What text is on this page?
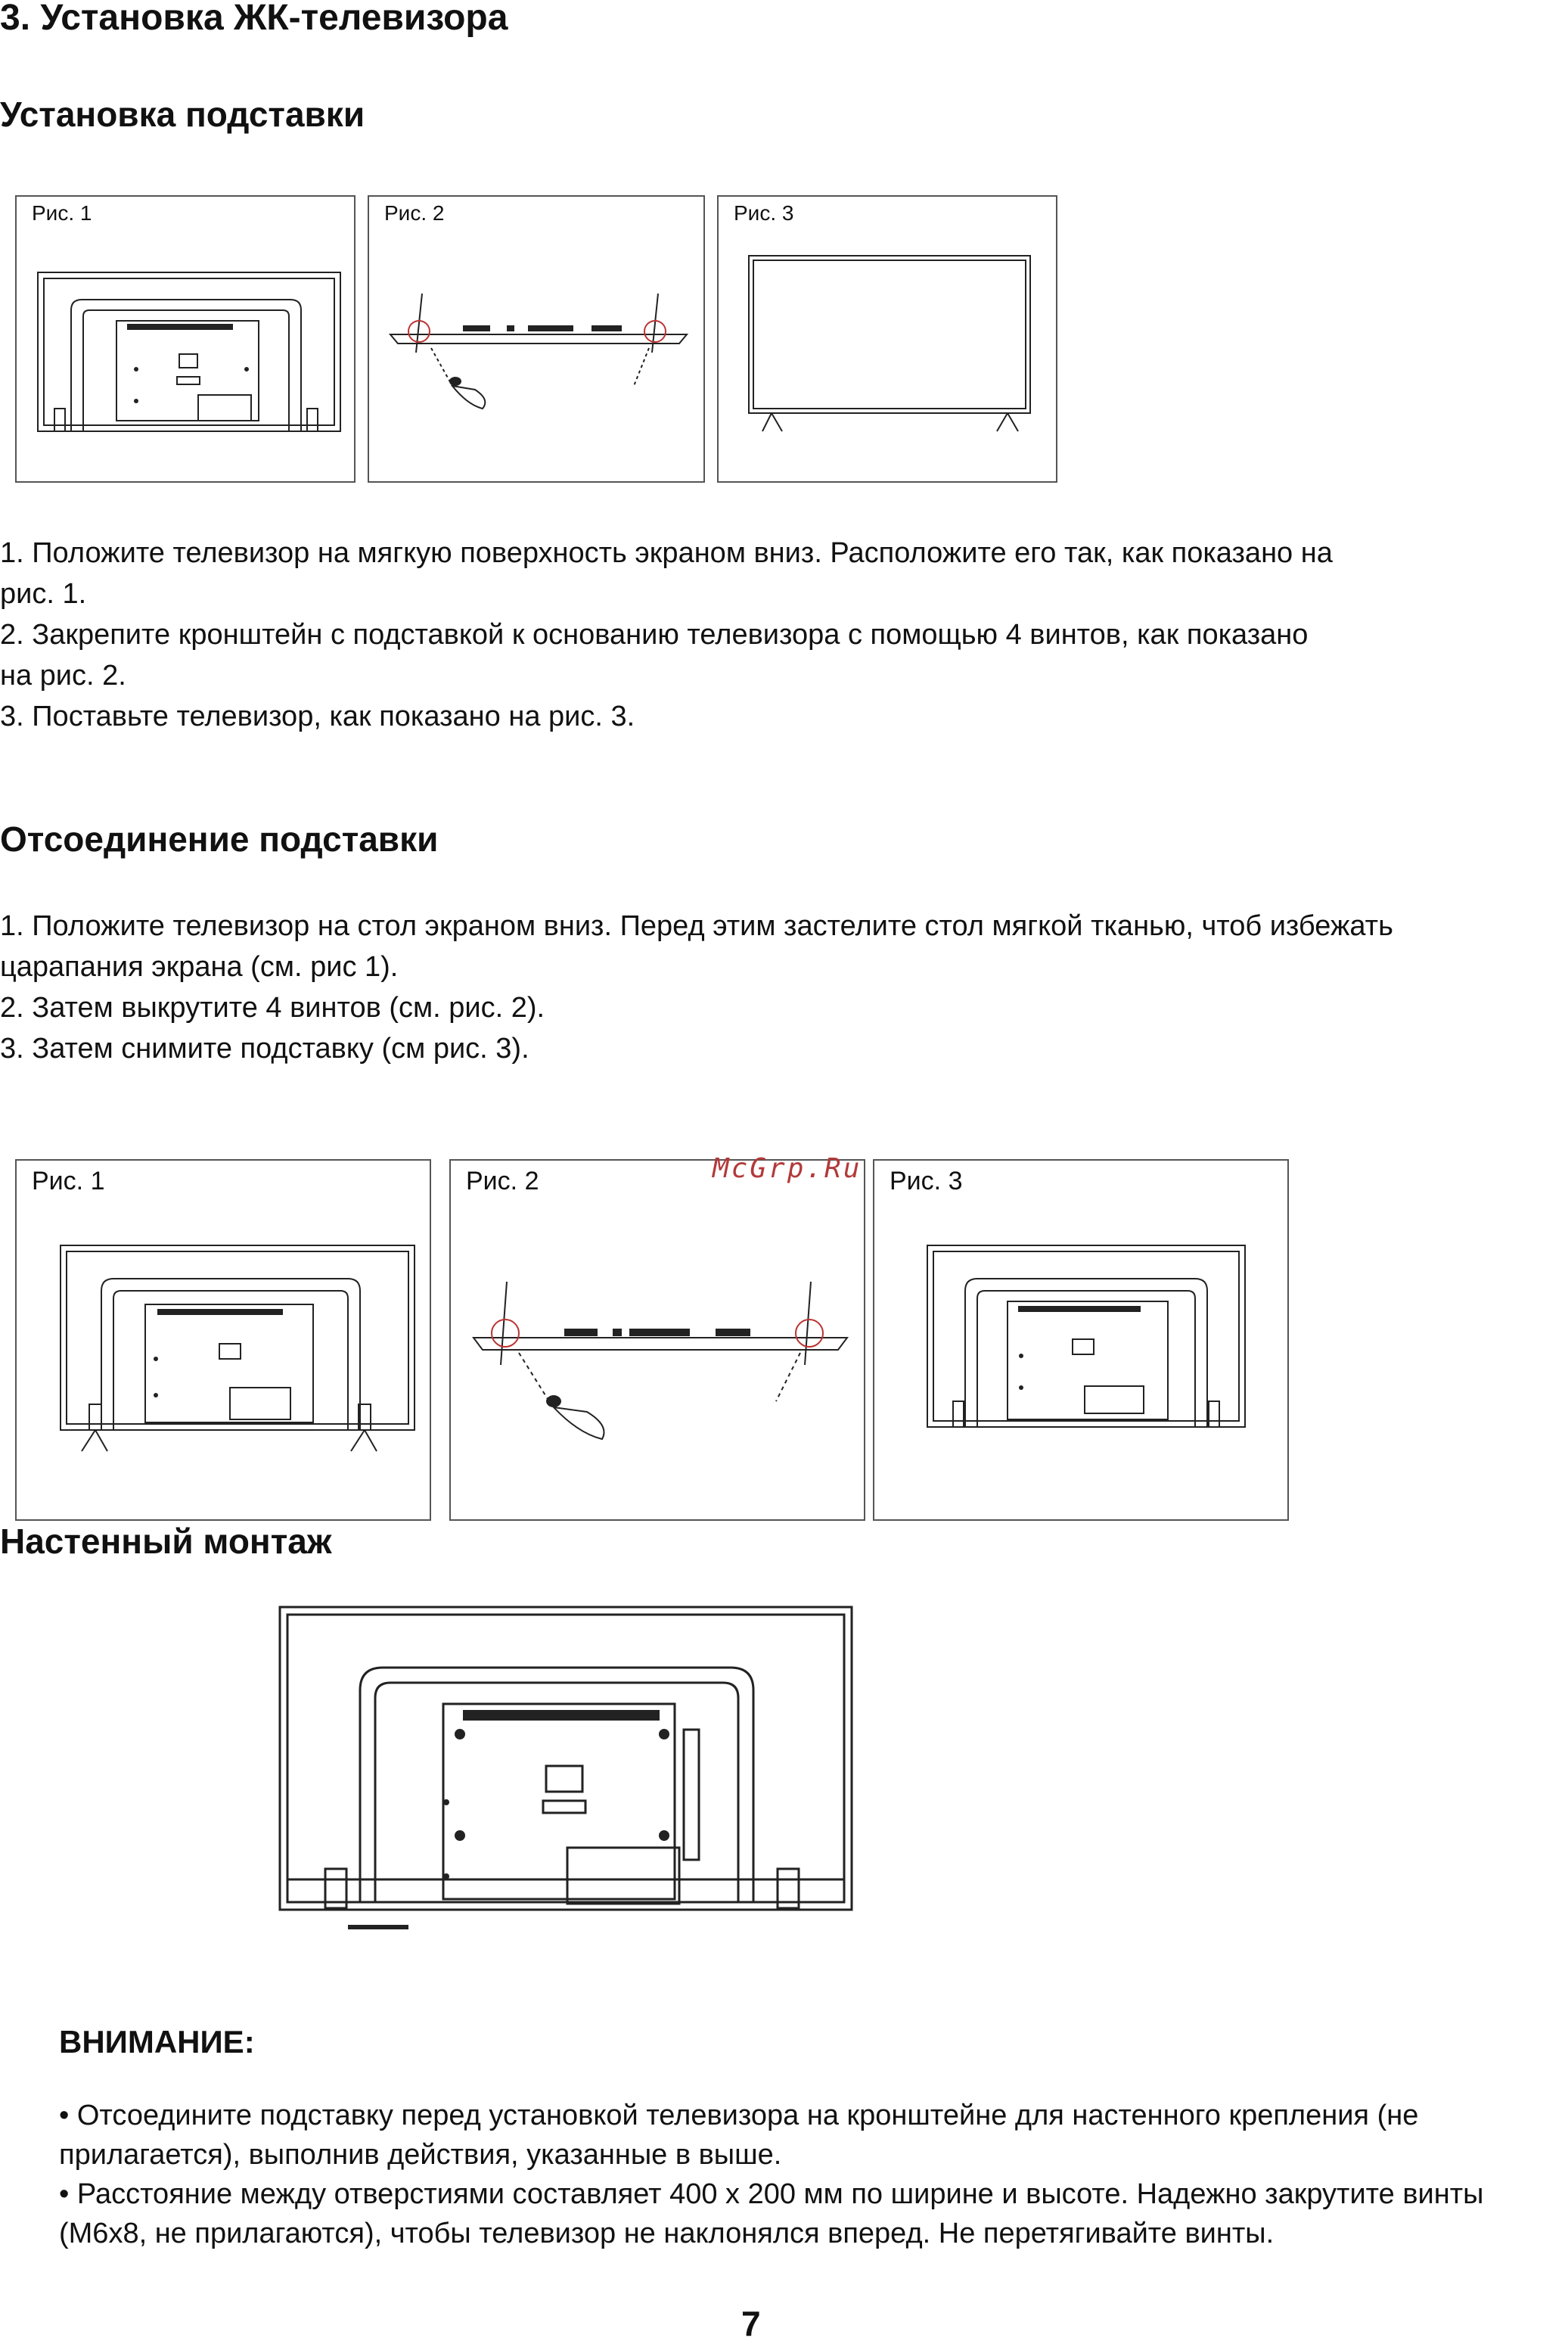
3. Установка ЖК-телевизора
Установка подставки
Рис. 1	Рис. 2	Рис. 3

1. Положите телевизор на мягкую поверхность экраном вниз. Расположите его так, как показано на
рис. 1.

2. Закрепите кронштейн с подставкой к основанию телевизора с помощью 4 винтов, как показано
на рис. 2.

3. Поставьте телевизор, как показано на рис. 3.

Отсоединение подставки

1. Положите телевизор на стол экраном вниз. Перед этим застелите стол мягкой тканью, чтоб избежать
царапания экрана (см. рис 1).

2. Затем выкрутите 4 винтов (см. рис. 2).

3. Затем снимите подставку (см рис. 3).

Рис. 1	Рис. 2	McGrp.Ru Рис. 3
Настенный монтаж
ВНИМАНИЕ:

• Отсоедините подставку перед установкой телевизора на кронштейне для настенного крепления (не прилагается), выполнив действия, указанные в выше.

• Расстояние между отверстиями составляет 400 x 200 мм по ширине и высоте. Надежно закрутите винты (M6x8, не прилагаются), чтобы телевизор не наклонялся вперед. Не перетягивайте винты.

7
